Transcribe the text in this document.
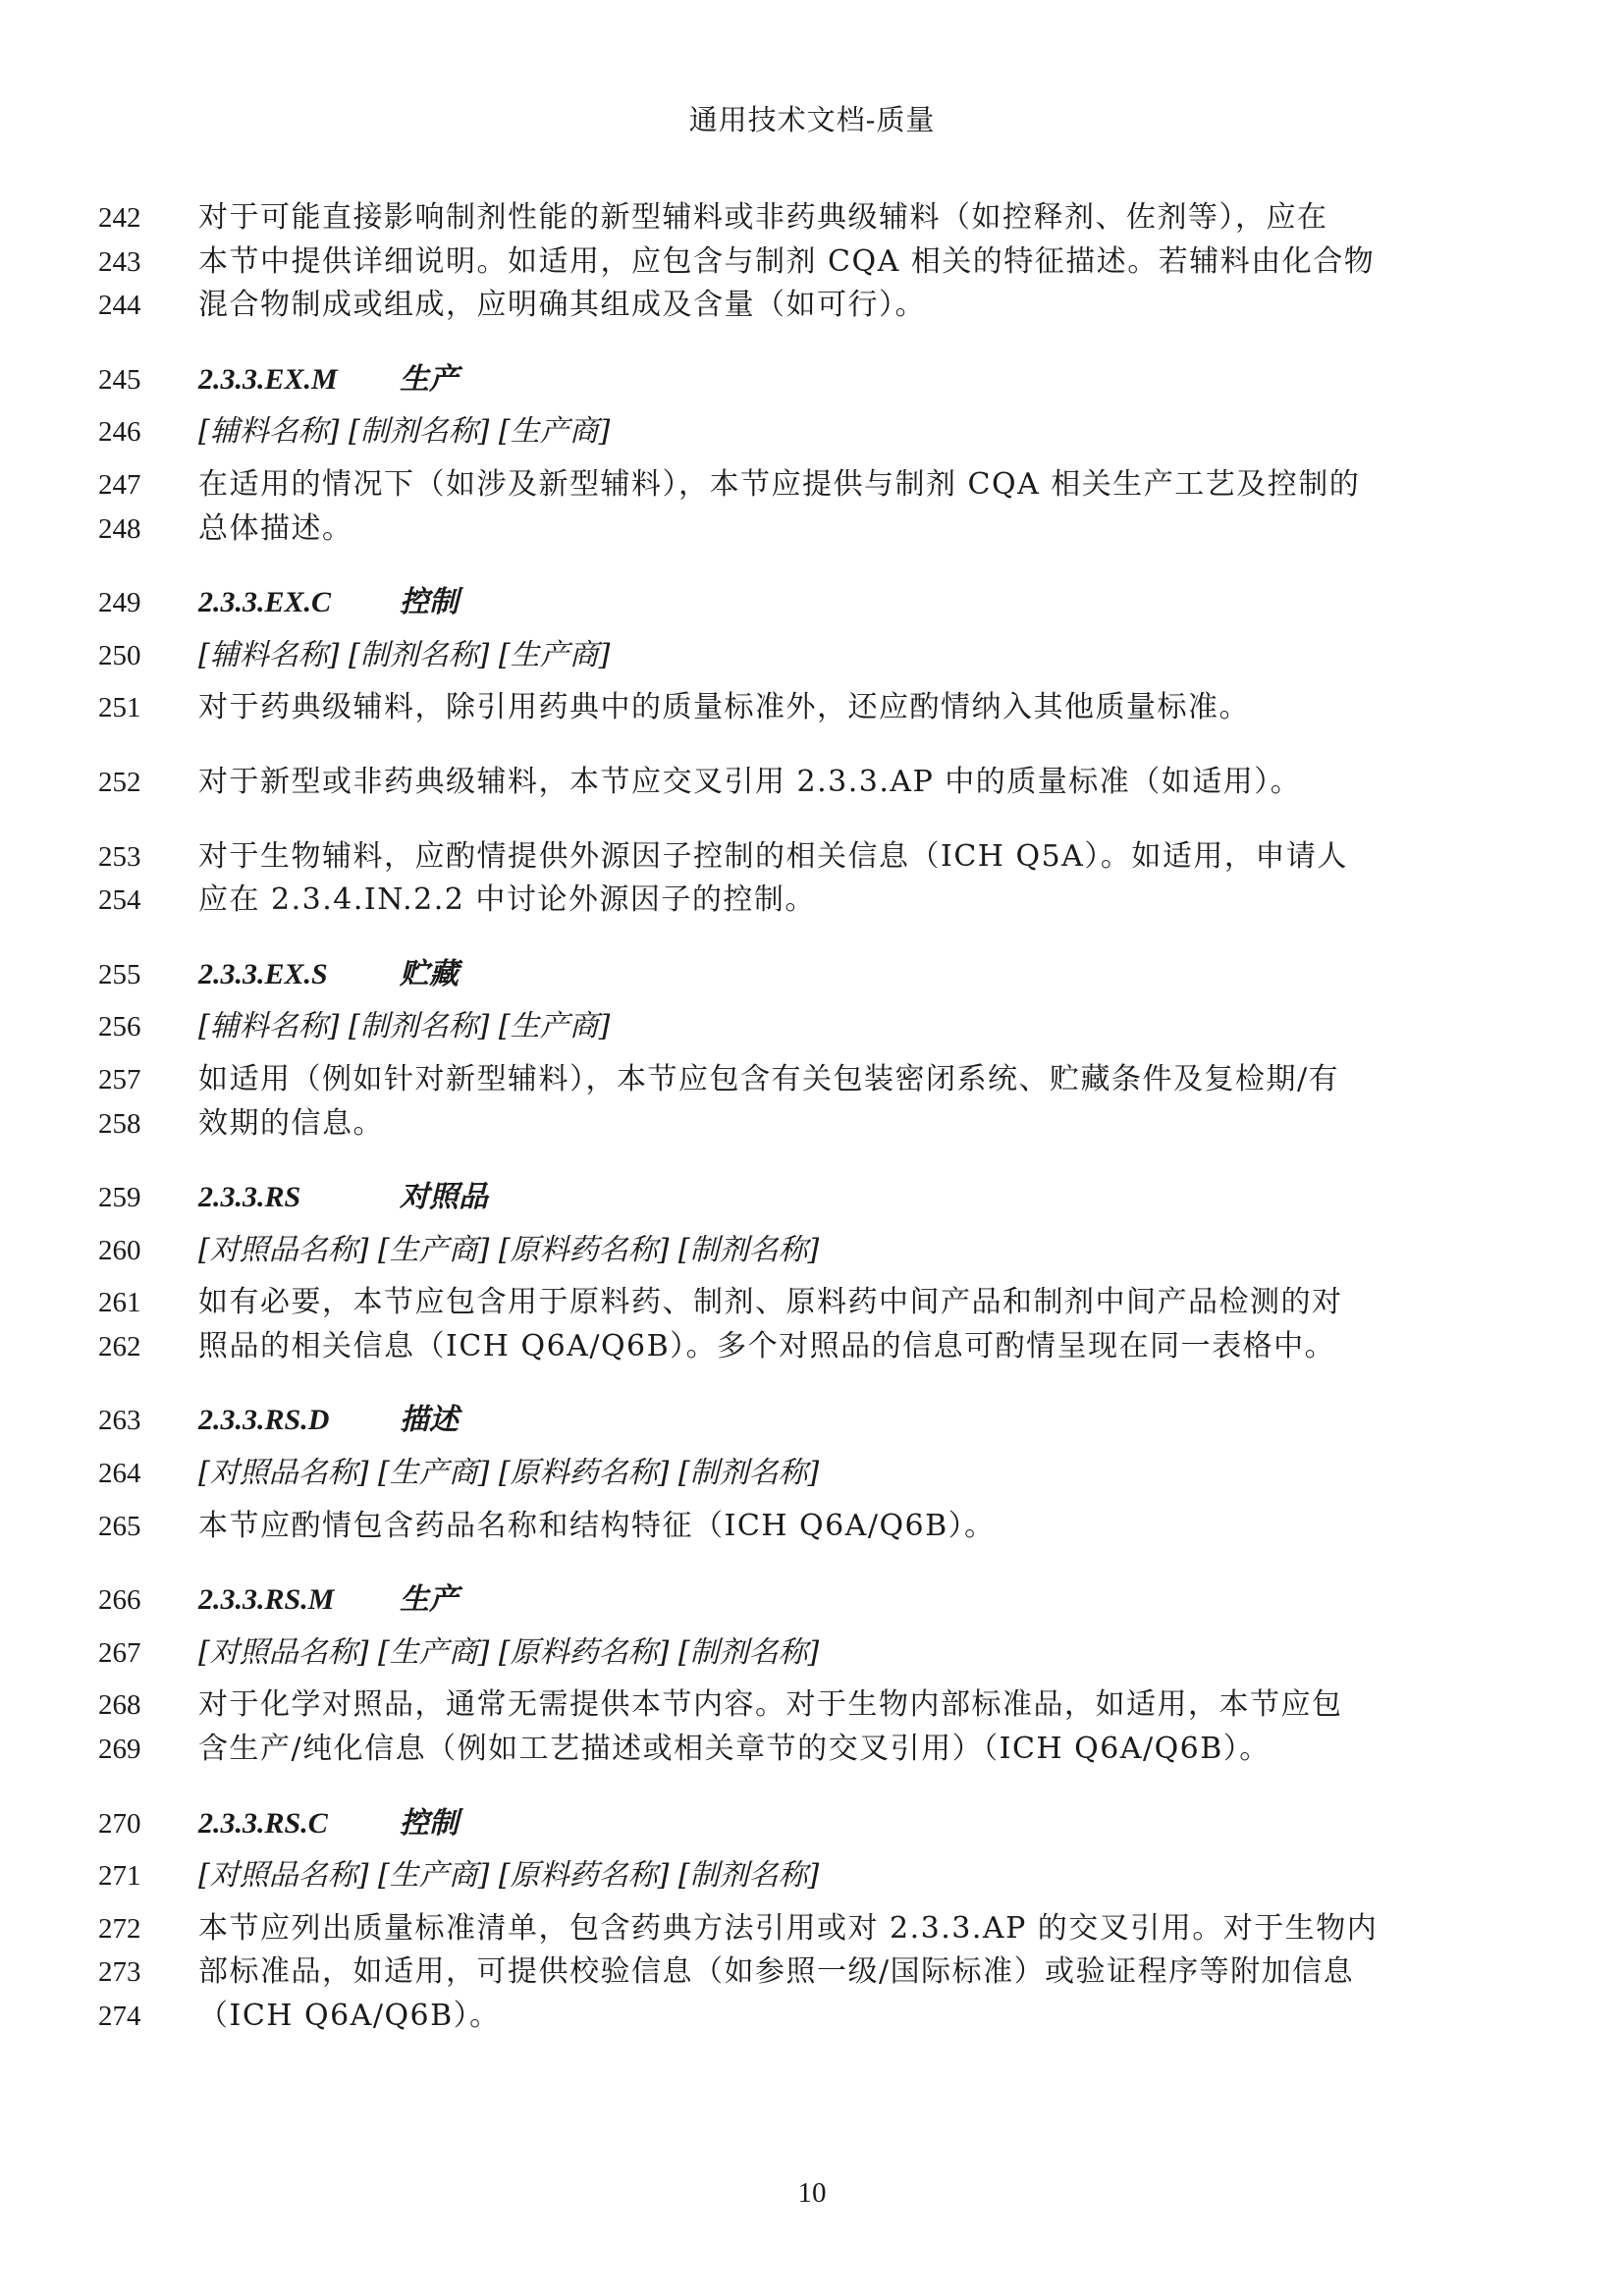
通用技术文档-质量
242	对于可能直接影响制剂性能的新型辅料或非药典级辅料（如控释剂、佐剂等），应在
243	本节中提供详细说明。如适用，应包含与制剂 CQA 相关的特征描述。若辅料由化合物
244	混合物制成或组成，应明确其组成及含量（如可行）。
245	2.3.3.EX.M 生产
246	[辅料名称] [制剂名称] [生产商]
247	在适用的情况下（如涉及新型辅料），本节应提供与制剂 CQA 相关生产工艺及控制的
248	总体描述。
249	2.3.3.EX.C 控制
250	[辅料名称] [制剂名称] [生产商]
251	对于药典级辅料，除引用药典中的质量标准外，还应酌情纳入其他质量标准。
252	对于新型或非药典级辅料，本节应交叉引用 2.3.3.AP 中的质量标准（如适用）。
253	对于生物辅料，应酌情提供外源因子控制的相关信息（ICH Q5A）。如适用，申请人
254	应在 2.3.4.IN.2.2 中讨论外源因子的控制。
255	2.3.3.EX.S 贮藏
256	[辅料名称] [制剂名称] [生产商]
257	如适用（例如针对新型辅料），本节应包含有关包装密闭系统、贮藏条件及复检期/有
258	效期的信息。
259	2.3.3.RS	对照品
260	[对照品名称] [生产商] [原料药名称] [制剂名称]
261	如有必要，本节应包含用于原料药、制剂、原料药中间产品和制剂中间产品检测的对
262	照品的相关信息（ICH Q6A/Q6B）。多个对照品的信息可酌情呈现在同一表格中。
263	2.3.3.RS.D 描述
264	[对照品名称] [生产商] [原料药名称] [制剂名称]
265	本节应酌情包含药品名称和结构特征（ICH Q6A/Q6B）。
266	2.3.3.RS.M 生产
267	[对照品名称] [生产商] [原料药名称] [制剂名称]
268	对于化学对照品，通常无需提供本节内容。对于生物内部标准品，如适用，本节应包
269	含生产/纯化信息（例如工艺描述或相关章节的交叉引用）（ICH Q6A/Q6B）。
270	2.3.3.RS.C 控制
271	[对照品名称] [生产商] [原料药名称] [制剂名称]
272	本节应列出质量标准清单，包含药典方法引用或对 2.3.3.AP 的交叉引用。对于生物内
273	部标准品，如适用，可提供校验信息（如参照一级/国际标准）或验证程序等附加信息
274	（ICH Q6A/Q6B）。
10
